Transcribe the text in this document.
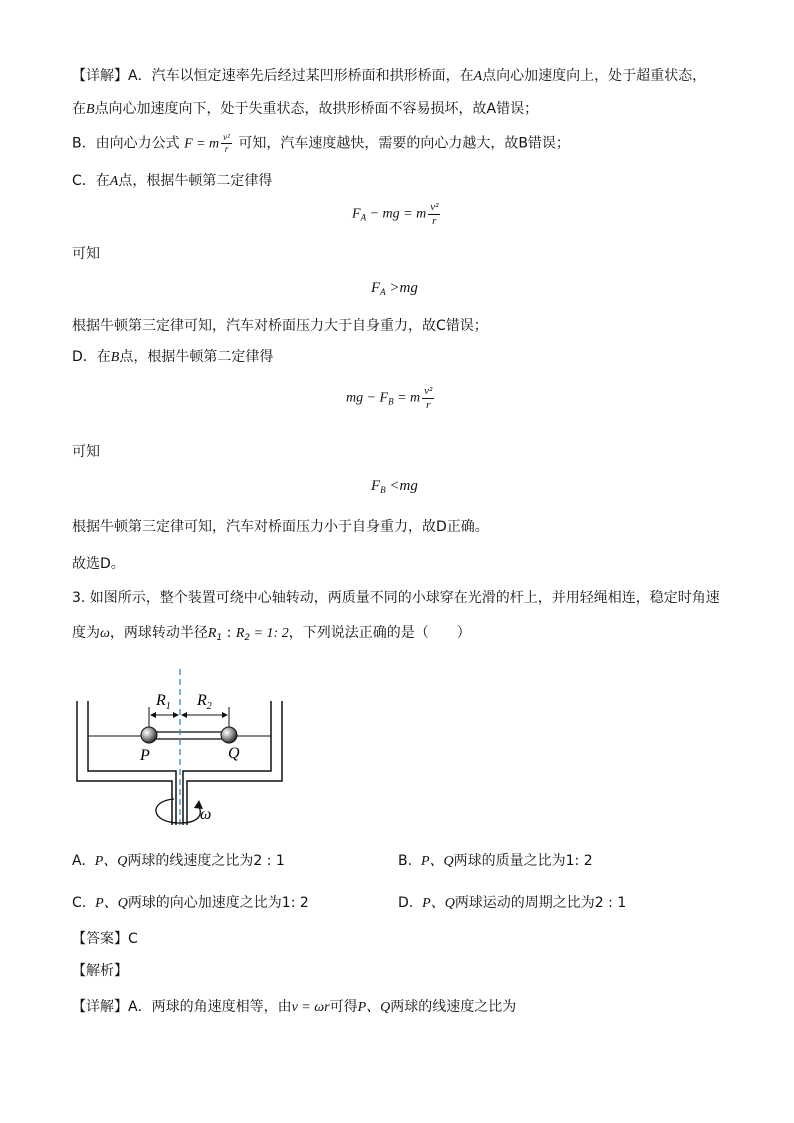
【详解】A．汽车以恒定速率先后经过某凹形桥面和拱形桥面，在A点向心加速度向上，处于超重状态，
在B点向心加速度向下，处于失重状态，故拱形桥面不容易损坏，故A错误；
B．由向心力公式 F = m $\frac{\text{v²}}{r}$ 可知，汽车速度越快，需要的向心力越大，故B错误；
C．在A点，根据牛顿第二定律得
$F_A$ − mg = m $\frac{\text{v²}}{r}$
可知
$F_A >mg$
根据牛顿第三定律可知，汽车对桥面压力大于自身重力，故C错误；
D．在B点，根据牛顿第二定律得
mg − $F_B = m \frac{\text{v²}}{r}$
可知
$F_B <mg$
根据牛顿第三定律可知，汽车对桥面压力小于自身重力，故D正确。
故选D。
3. 如图所示，整个装置可绕中心轴转动，两质量不同的小球穿在光滑的杆上，并用轻绳相连，稳定时角速
度为ω，两球转动半径$R_1$ : $R_2 = 1$: 2，下列说法正确的是（　　）
$R_1$ $R_2$
P	Q
ω
A. P、Q两球的线速度之比为2 : 1	B. P、Q两球的质量之比为1: 2
C. P、Q两球的向心加速度之比为1: 2	D. P、Q两球运动的周期之比为2 : 1
【答案】C
【解析】
【详解】A．两球的角速度相等，由v = ωr可得P、Q两球的线速度之比为
